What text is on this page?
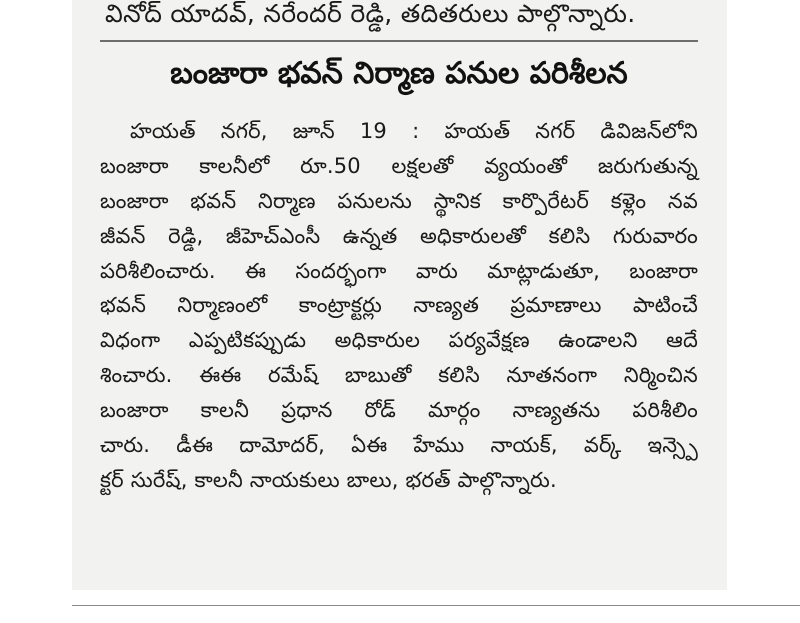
వినోద్ యాదవ్, నరేందర్ రెడ్డి, తదితరులు పాల్గొన్నారు.
బంజారా భవన్ నిర్మాణ పనుల పరిశీలన
హయత్ నగర్, జూన్ 19 : హయత్ నగర్ డివిజన్‌లోని
బంజారా కాలనీలో రూ.50 లక్షలతో వ్యయంతో జరుగుతున్న
బంజారా భవన్ నిర్మాణ పనులను స్థానిక కార్పొరేటర్ కళ్లెం నవ
జీవన్ రెడ్డి, జీహెచ్ఎంసీ ఉన్నత అధికారులతో కలిసి గురువారం
పరిశీలించారు. ఈ సందర్భంగా వారు మాట్లాడుతూ, బంజారా
భవన్ నిర్మాణంలో కాంట్రాక్టర్లు నాణ్యత ప్రమాణాలు పాటించే
విధంగా ఎప్పటికప్పుడు అధికారుల పర్యవేక్షణ ఉండాలని ఆదే
శించారు. ఈఈ రమేష్ బాబుతో కలిసి నూతనంగా నిర్మించిన
బంజారా కాలనీ ప్రధాన రోడ్ మార్గం నాణ్యతను పరిశీలిం
చారు. డీఈ దామోదర్, ఏఈ హేము నాయక్, వర్క్ ఇన్స్పె
క్టర్ సురేష్, కాలనీ నాయకులు బాలు, భరత్ పాల్గొన్నారు.
